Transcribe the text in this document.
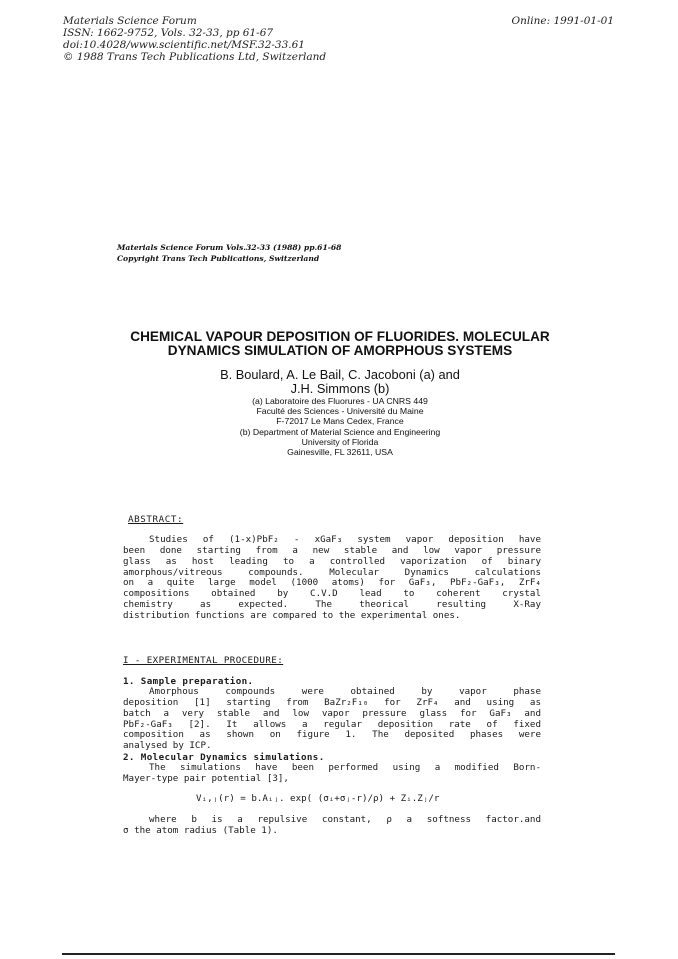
Materials Science Forum
ISSN: 1662-9752, Vols. 32-33, pp 61-67
doi:10.4028/www.scientific.net/MSF.32-33.61
© 1988 Trans Tech Publications Ltd, Switzerland
Online: 1991-01-01
Materials Science Forum Vols.32-33 (1988) pp.61-68
Copyright Trans Tech Publications, Switzerland
CHEMICAL VAPOUR DEPOSITION OF FLUORIDES. MOLECULAR
DYNAMICS SIMULATION OF AMORPHOUS SYSTEMS
B. Boulard, A. Le Bail, C. Jacoboni (a) and
J.H. Simmons (b)
(a) Laboratoire des Fluorures - UA CNRS 449
Faculté des Sciences - Université du Maine
F-72017 Le Mans Cedex, France
(b) Department of Material Science and Engineering
University of Florida
Gainesville, FL 32611, USA
ABSTRACT:
Studies of (1-x)PbF₂ - xGaF₃ system vapor deposition have
been done starting from a new stable and low vapor pressure
glass as host leading to a controlled vaporization of binary
amorphous/vitreous compounds. Molecular Dynamics calculations
on a quite large model (1000 atoms) for GaF₃, PbF₂-GaF₃, ZrF₄
compositions obtained by C.V.D lead to coherent crystal
chemistry as expected. The theorical resulting X-Ray
distribution functions are compared to the experimental ones.
I - EXPERIMENTAL PROCEDURE:
1. Sample preparation.
Amorphous compounds were obtained by vapor phase
deposition [1] starting from BaZr₂F₁₀ for ZrF₄ and using as
batch a very stable and low vapor pressure glass for GaF₃ and
PbF₂-GaF₃ [2]. It allows a regular deposition rate of fixed
composition as shown on figure 1. The deposited phases were
analysed by ICP.
2. Molecular Dynamics simulations.
The simulations have been performed using a modified Born-
Mayer-type pair potential [3],
Vᵢ,ⱼ(r) = b.Aᵢⱼ. exp( (σᵢ+σⱼ-r)/ρ) + Zᵢ.Zⱼ/r
where b is a repulsive constant, ρ a softness factor.and
σ the atom radius (Table 1).
